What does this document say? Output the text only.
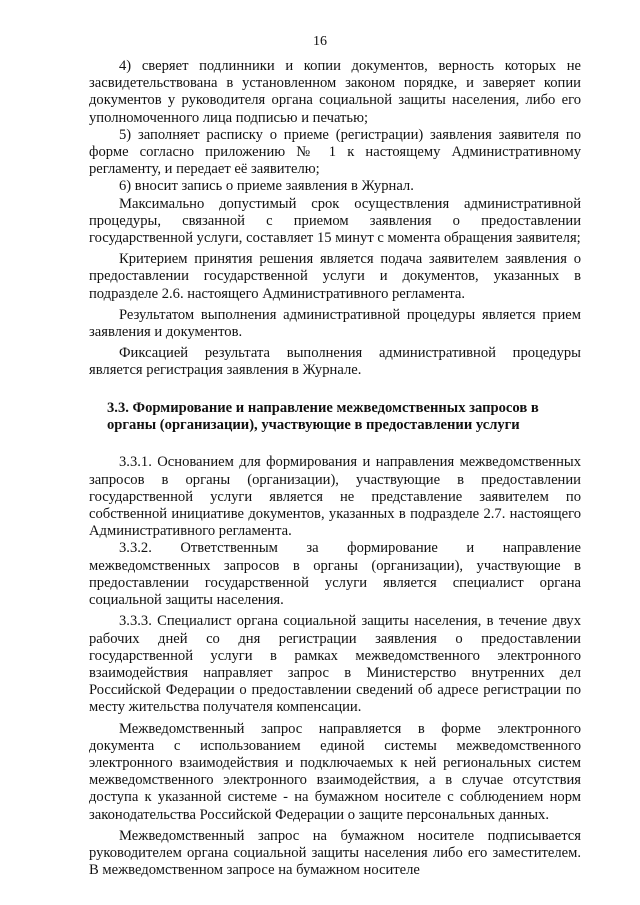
16

4) сверяет подлинники и копии документов, верность которых не засвидетельствована в установленном законом порядке, и заверяет копии документов у руководителя органа социальной защиты населения, либо его уполномоченного лица подписью и печатью;

5) заполняет расписку о приеме (регистрации) заявления заявителя по форме согласно приложению № 1 к настоящему Административному регламенту, и передает её заявителю;

6) вносит запись о приеме заявления в Журнал.

Максимально допустимый срок осуществления административной процедуры, связанной с приемом заявления о предоставлении государственной услуги, составляет 15 минут с момента обращения заявителя;

Критерием принятия решения является подача заявителем заявления о предоставлении государственной услуги и документов, указанных в подразделе 2.6. настоящего Административного регламента.

Результатом выполнения административной процедуры является прием заявления и документов.

Фиксацией результата выполнения административной процедуры является регистрация заявления в Журнале.

3.3. Формирование и направление межведомственных запросов в органы (организации), участвующие в предоставлении услуги

3.3.1. Основанием для формирования и направления межведомственных запросов в органы (организации), участвующие в предоставлении государственной услуги является не представление заявителем по собственной инициативе документов, указанных в подразделе 2.7. настоящего Административного регламента.

3.3.2. Ответственным за формирование и направление межведомственных запросов в органы (организации), участвующие в предоставлении государственной услуги является специалист органа социальной защиты населения.

3.3.3. Специалист органа социальной защиты населения, в течение двух рабочих дней со дня регистрации заявления о предоставлении государственной услуги в рамках межведомственного электронного взаимодействия направляет запрос в Министерство внутренних дел Российской Федерации о предоставлении сведений об адресе регистрации по месту жительства получателя компенсации.

Межведомственный запрос направляется в форме электронного документа с использованием единой системы межведомственного электронного взаимодействия и подключаемых к ней региональных систем межведомственного электронного взаимодействия, а в случае отсутствия доступа к указанной системе - на бумажном носителе с соблюдением норм законодательства Российской Федерации о защите персональных данных.

Межведомственный запрос на бумажном носителе подписывается руководителем органа социальной защиты населения либо его заместителем. В межведомственном запросе на бумажном носителе
